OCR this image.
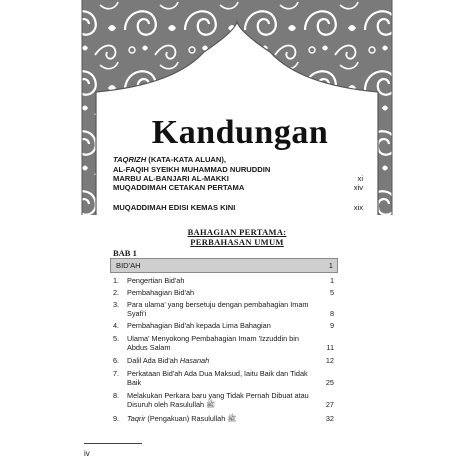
Kandungan
TAQRIZH (KATA-KATA ALUAN),
AL-FAQIH SYEIKH MUHAMMAD NURUDDIN
MARBU AL-BANJARI AL-MAKKI	xi
MUQADDIMAH CETAKAN PERTAMA	xiv
MUQADDIMAH EDISI KEMAS KINI	xix
BAHAGIAN PERTAMA:
PERBAHASAN UMUM
BAB 1
BID'AH	1
1. Pengertian Bid'ah	1
2. Pembahagian Bid'ah	5
3. Para ulama' yang bersetuju dengan pembahagian Imam Syafi'i	8
4. Pembahagian Bid'ah kepada Lima Bahagian	9
5. Ulama' Menyokong Pembahagian Imam 'Izzuddin bin Abdus Salam	11
6. Dalil Ada Bid'ah Hasanah	12
7. Perkataan Bid'ah Ada Dua Maksud, Iaitu Baik dan Tidak Baik	25
8. Melakukan Perkara baru yang Tidak Pernah Dibuat atau Disuruh oleh Rasulullah ﷺ	27
9. Taqrir (Pengakuan) Rasulullah ﷺ	32
iv
